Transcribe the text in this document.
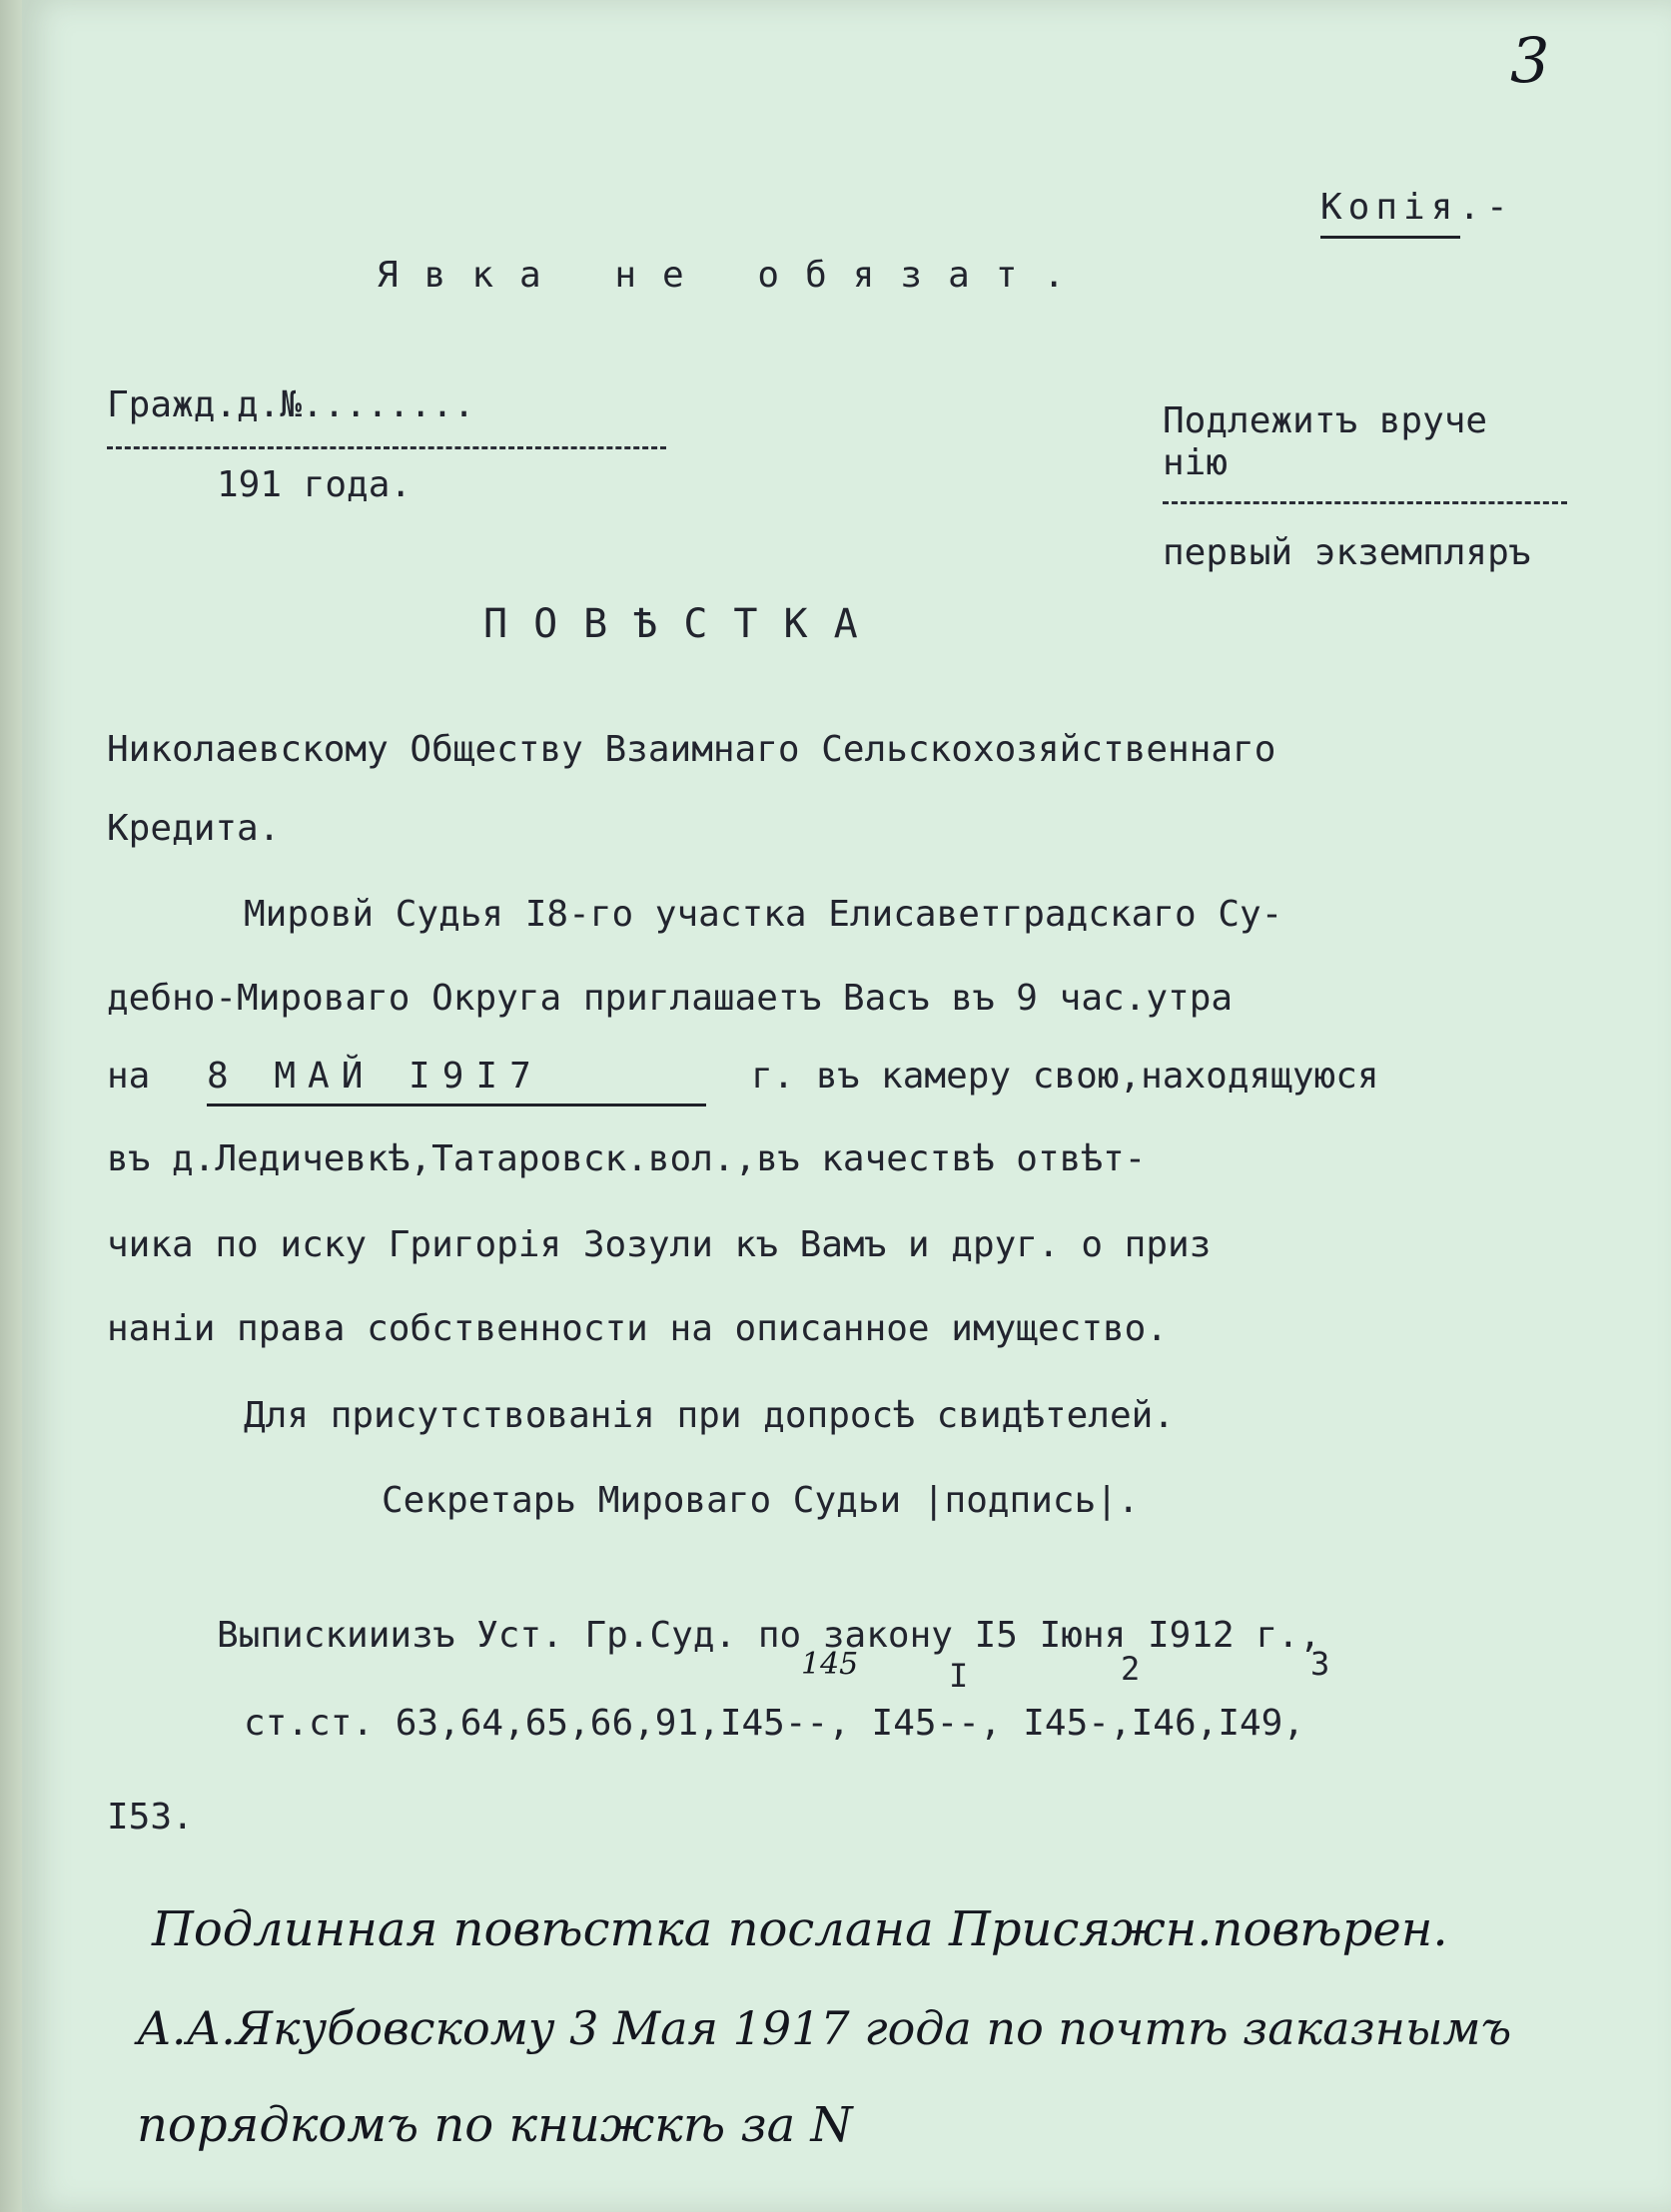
3
Копія.-
Явка не обязат.
Гражд.д.№........
191 года.
Подлежитъ вруче
нію
первый экземпляръ
ПОВѢСТКА
Николаевскому Обществу Взаимнаго Сельскохозяйственнаго
Кредита.
Мировй Судья I8-го участка Елисаветградскаго Су-
дебно-Мироваго Округа приглашаетъ Васъ въ 9 час.утра
на 8 МАЙ I9I7	г. въ камеру свою,находящуюся
въ д.Ледичевкѣ,Татаровск.вол.,въ качествѣ отвѣт-
чика по иску Григорія Зозули къ Вамъ и друг. о приз
наніи права собственности на описанное имущество.
Для присутствованія при допросѣ свидѣтелей.
Секретарь Мироваго Судьи |подпись|.
Выпискииизъ Уст. Гр.Суд. по закону I5 Iюня I912 г.,
145	I	2	3
ст.ст. 63,64,65,66,91,I45--, I45--, I45-,I46,I49,
I53.
Подлинная повѣстка послана Присяжн.повѣрен.
А.А.Якубовскому 3 Мая 1917 года по почтѣ заказнымъ
порядкомъ по книжкѣ за N
